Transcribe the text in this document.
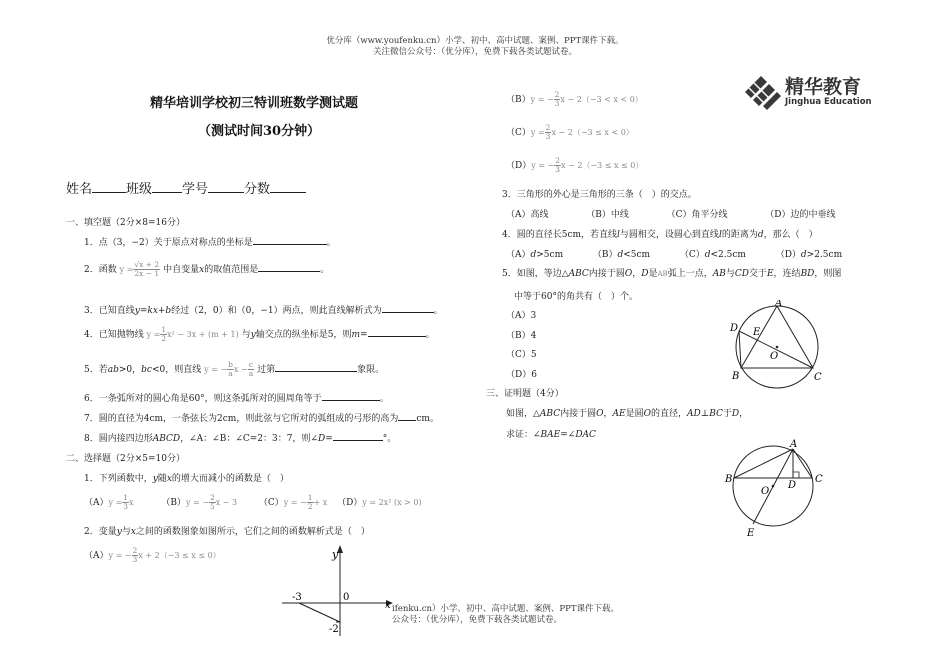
优分库（www.youfenku.cn）小学、初中、高中试题、案例、PPT课件下载。
关注微信公众号：（优分库），免费下载各类试题试卷。
精华教育
Jinghua Education
精华培训学校初三特训班数学测试题
（测试时间30分钟）
姓名	班级 学号	分数
一、填空题（2分×8=16分）
1．点（3，−2）关于原点对称点的坐标是	。
2．函数 $y = \frac{√x + 2}{2x - 1}$ 中自变量x的取值范围是	。
3．已知直线y=kx+b经过（2，0）和（0，−1）两点，则此直线解析式为	。
4．已知抛物线 $y = \frac{1}{2} x^2 - 3x + (m + 1)$ 与y轴交点的纵坐标是5，则m=	。
5．若ab>0，bc<0，则直线 y = − $\frac{b}{a}$ $x - \frac{c}{a}$ 过第	象限。
6．一条弧所对的圆心角是60°，则这条弧所对的圆周角等于	。
7．圆的直径为4cm，一条弦长为2cm，则此弦与它所对的弧组成的弓形的高为 cm。
8．圆内接四边形ABCD，∠A：∠B：∠C=2：3：7，则∠D=	°。
二、选择题（2分×5=10分）
1．下列函数中，y随x的增大而减小的函数是（　）
$(A)y = \frac{1}{3}$ x	（B）y = − $\frac{2}{5}$ x − 3 （C）y = − $\frac{1}{2} + x$ （D）y = 2x² (x > 0)
2．变量y与x之间的函数图象如图所示，它们之间的函数解析式是（　）
（A）y = − $\frac{2}{3}$ x + 2（−3 ≤ x ≤ 0）	y
x
-3	0
-2
（B）y = − $\frac{2}{3}$ x − 2（−3 < x < 0）
$(C)y = \frac{2}{3}$ x − 2（−3 ≤ x < 0）
（D）y = − $\frac{2}{3}$ x − 2（−3 ≤ x ≤ 0）
3．三角形的外心是三角形的三条（　）的交点。
（A）高线	（B）中线	（C）角平分线	（D）边的中垂线
4．圆的直径长5cm，若直线l与圆相交，设圆心到直线l的距离为d，那么（　）
（A）d>5cm	（B）d<5cm	（C）d<2.5cm	（D）d>2.5cm
5．如图，等边△ABC内接于圆O，D是AB弧上一点，AB与CD交于E，连结BD，则图
中等于60°的角共有（　）个。
（A）3
（B）4
（C）5
（D）6
A
B	C
D E
O
三、证明题（4分）
如图，△ABC内接于圆O，AE是圆O的直径，AD⊥BC于D，
求证：∠BAE=∠DAC
A
B	C
D
E
O
ifenku.cn）小学、初中、高中试题、案例、PPT课件下载。
公众号：（优分库），免费下载各类试题试卷。
